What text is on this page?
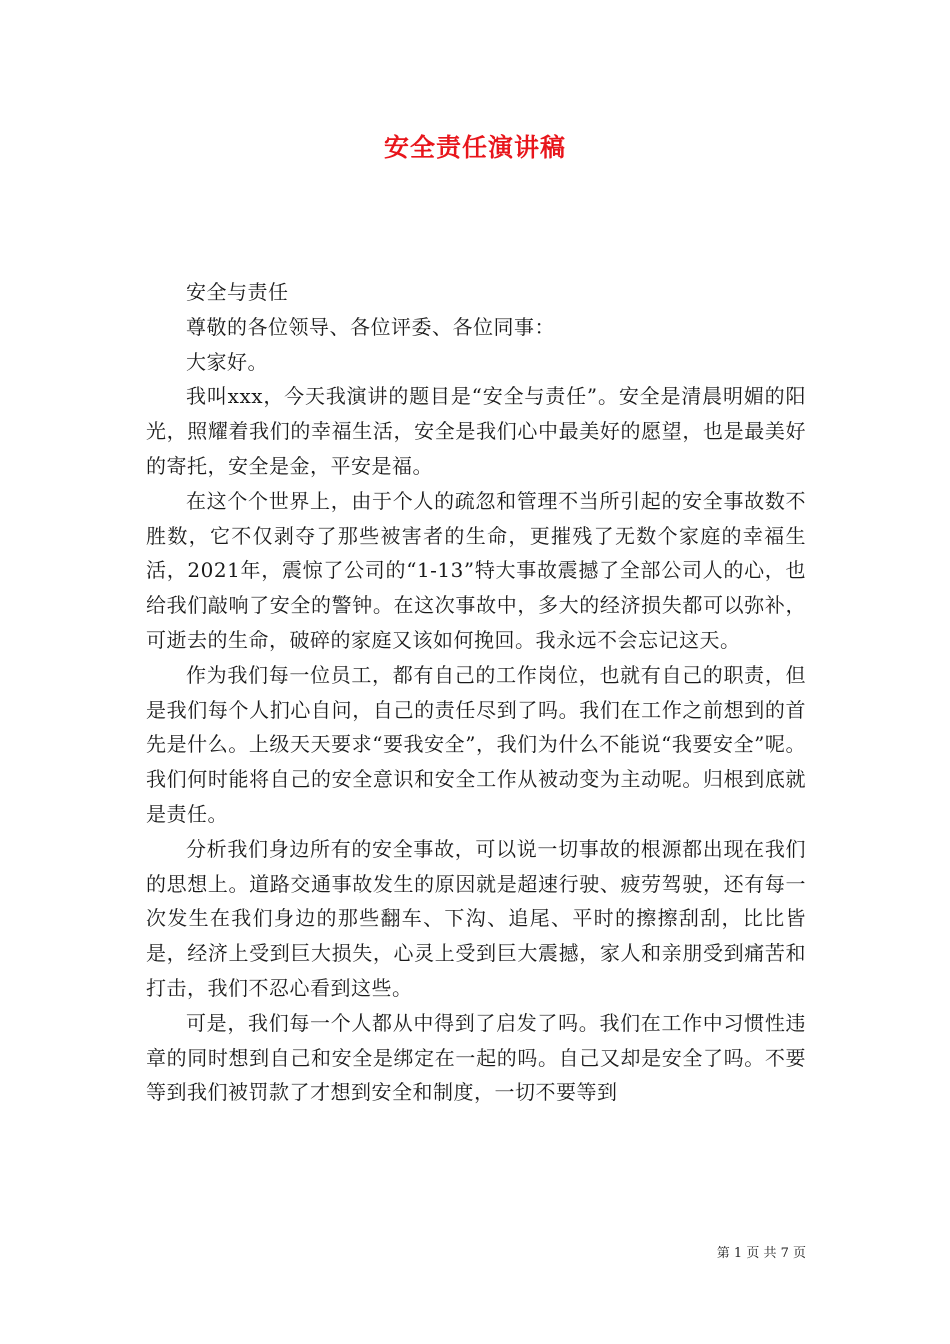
安全责任演讲稿

安全与责任

尊敬的各位领导、各位评委、各位同事：

大家好。

我叫xxx，今天我演讲的题目是“安全与责任”。安全是清晨明媚的阳光，照耀着我们的幸福生活，安全是我们心中最美好的愿望，也是最美好的寄托，安全是金，平安是福。

在这个个世界上，由于个人的疏忽和管理不当所引起的安全事故数不胜数，它不仅剥夺了那些被害者的生命，更摧残了无数个家庭的幸福生活，2021年，震惊了公司的“1-13”特大事故震撼了全部公司人的心，也给我们敲响了安全的警钟。在这次事故中，多大的经济损失都可以弥补，可逝去的生命，破碎的家庭又该如何挽回。我永远不会忘记这天。

作为我们每一位员工，都有自己的工作岗位，也就有自己的职责，但是我们每个人扪心自问，自己的责任尽到了吗。我们在工作之前想到的首先是什么。上级天天要求“要我安全”，我们为什么不能说“我要安全”呢。我们何时能将自己的安全意识和安全工作从被动变为主动呢。归根到底就是责任。

分析我们身边所有的安全事故，可以说一切事故的根源都出现在我们的思想上。道路交通事故发生的原因就是超速行驶、疲劳驾驶，还有每一次发生在我们身边的那些翻车、下沟、追尾、平时的擦擦刮刮，比比皆是，经济上受到巨大损失，心灵上受到巨大震撼，家人和亲朋受到痛苦和打击，我们不忍心看到这些。

可是，我们每一个人都从中得到了启发了吗。我们在工作中习惯性违章的同时想到自己和安全是绑定在一起的吗。自己又却是安全了吗。不要等到我们被罚款了才想到安全和制度，一切不要等到

第 1 页 共 7 页
